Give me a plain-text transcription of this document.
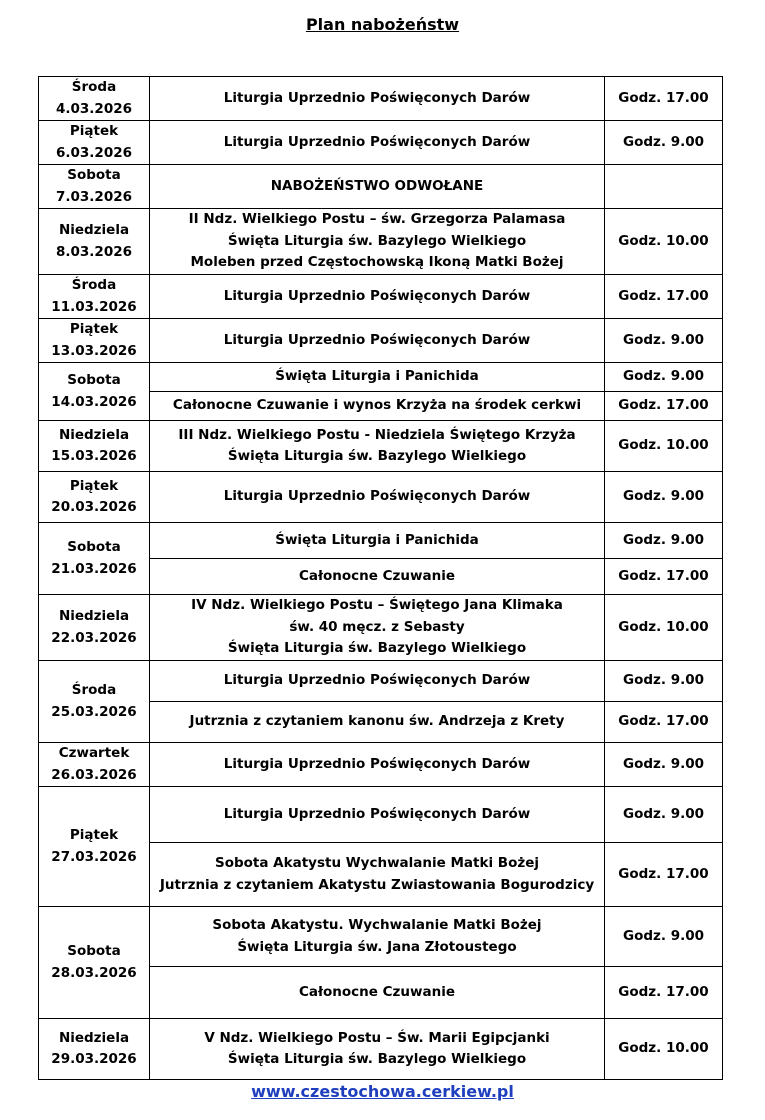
Plan nabożeństw
Środa
4.03.2026	Liturgia Uprzednio Poświęconych Darów	Godz. 17.00

Piątek
6.03.2026	Liturgia Uprzednio Poświęconych Darów	Godz. 9.00

Sobota
7.03.2026	NABOŻEŃSTWO ODWOŁANE	

Niedziela
8.03.2026	II Ndz. Wielkiego Postu – św. Grzegorza Palamasa
Święta Liturgia św. Bazylego Wielkiego
Moleben przed Częstochowską Ikoną Matki Bożej	Godz. 10.00

Środa
11.03.2026	Liturgia Uprzednio Poświęconych Darów	Godz. 17.00

Piątek
13.03.2026	Liturgia Uprzednio Poświęconych Darów	Godz. 9.00

Sobota
14.03.2026	Święta Liturgia i Panichida	Godz. 9.00

	Całonocne Czuwanie i wynos Krzyża na środek cerkwi	Godz. 17.00

Niedziela
15.03.2026	III Ndz. Wielkiego Postu - Niedziela Świętego Krzyża
Święta Liturgia św. Bazylego Wielkiego	Godz. 10.00

Piątek
20.03.2026	Liturgia Uprzednio Poświęconych Darów	Godz. 9.00

Sobota
21.03.2026	Święta Liturgia i Panichida	Godz. 9.00

	Całonocne Czuwanie	Godz. 17.00

Niedziela
22.03.2026	IV Ndz. Wielkiego Postu – Świętego Jana Klimaka
św. 40 męcz. z Sebasty
Święta Liturgia św. Bazylego Wielkiego	Godz. 10.00

Środa
25.03.2026	Liturgia Uprzednio Poświęconych Darów	Godz. 9.00

	Jutrznia z czytaniem kanonu św. Andrzeja z Krety	Godz. 17.00

Czwartek
26.03.2026	Liturgia Uprzednio Poświęconych Darów	Godz. 9.00

Piątek
27.03.2026	Liturgia Uprzednio Poświęconych Darów	Godz. 9.00

	Sobota Akatystu Wychwalanie Matki Bożej
Jutrznia z czytaniem Akatystu Zwiastowania Bogurodzicy	Godz. 17.00

Sobota
28.03.2026	Sobota Akatystu. Wychwalanie Matki Bożej
Święta Liturgia św. Jana Złotoustego	Godz. 9.00

	Całonocne Czuwanie	Godz. 17.00

Niedziela
29.03.2026	V Ndz. Wielkiego Postu – Św. Marii Egipcjanki
Święta Liturgia św. Bazylego Wielkiego	Godz. 10.00
www.czestochowa.cerkiew.pl
